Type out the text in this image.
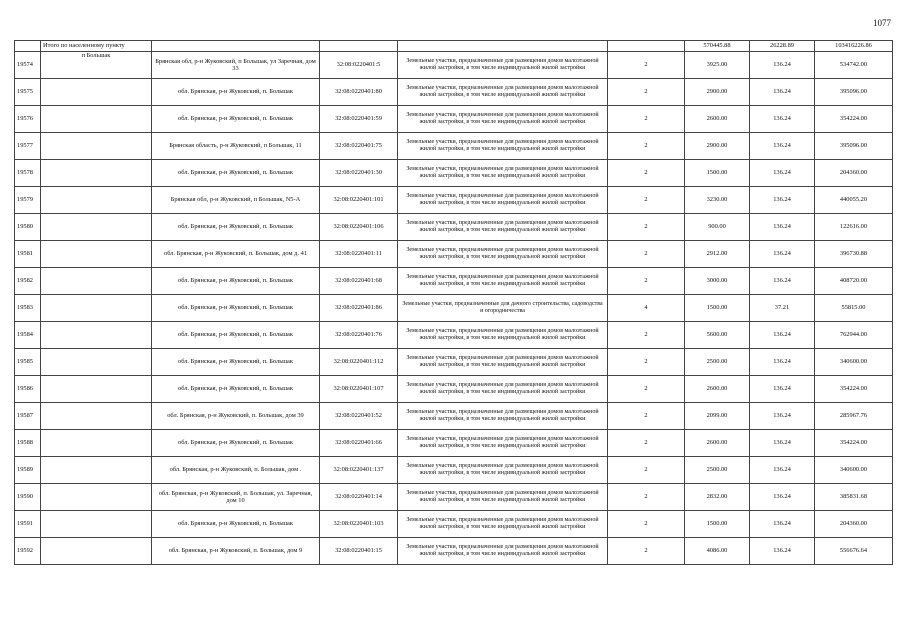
1077
	Итого по населенному пункту					570445.88	26228.89	103416226.86
19574	п Большак	Брянская обл, р-н Жуковский, п Большак, ул Заречная, дом 33	32:08:0220401:5	Земельные участки, предназначенные для размещения домов малоэтажной жилой застройки, в том числе индивидуальной жилой застройки	2	3925.00	136.24	534742.00
19575		обл. Брянская, р-н Жуковский, п. Большак	32:08:0220401:80	Земельные участки, предназначенные для размещения домов малоэтажной жилой застройки, в том числе индивидуальной жилой застройки	2	2900.00	136.24	395096.00
19576		обл. Брянская, р-н Жуковский, п. Большак	32:08:0220401:59	Земельные участки, предназначенные для размещения домов малоэтажной жилой застройки, в том числе индивидуальной жилой застройки	2	2600.00	136.24	354224.00
19577		Брянская область, р-н Жуковский, п Большак, 11	32:08:0220401:75	Земельные участки, предназначенные для размещения домов малоэтажной жилой застройки, в том числе индивидуальной жилой застройки	2	2900.00	136.24	395096.00
19578		обл. Брянская, р-н Жуковский, п. Большак	32:08:0220401:30	Земельные участки, предназначенные для размещения домов малоэтажной жилой застройки, в том числе индивидуальной жилой застройки	2	1500.00	136.24	204360.00
19579		Брянская обл, р-н Жуковский, п Большак, N5-А	32:08:0220401:101	Земельные участки, предназначенные для размещения домов малоэтажной жилой застройки, в том числе индивидуальной жилой застройки	2	3230.00	136.24	440055.20
19580		обл. Брянская, р-н Жуковский, п. Большак	32:08:0220401:106	Земельные участки, предназначенные для размещения домов малоэтажной жилой застройки, в том числе индивидуальной жилой застройки	2	900.00	136.24	122616.00
19581		обл. Брянская, р-н Жуковский, п. Большак, дом д. 41	32:08:0220401:11	Земельные участки, предназначенные для размещения домов малоэтажной жилой застройки, в том числе индивидуальной жилой застройки	2	2912.00	136.24	396730.88
19582		обл. Брянская, р-н Жуковский, п. Большак	32:08:0220401:68	Земельные участки, предназначенные для размещения домов малоэтажной жилой застройки, в том числе индивидуальной жилой застройки	2	3000.00	136.24	408720.00
19583		обл. Брянская, р-н Жуковский, п. Большак	32:08:0220401:86	Земельные участки, предназначенные для дачного строительства, садоводства и огородничества	4	1500.00	37.21	55815.00
19584		обл. Брянская, р-н Жуковский, п. Большак	32:08:0220401:76	Земельные участки, предназначенные для размещения домов малоэтажной жилой застройки, в том числе индивидуальной жилой застройки	2	5600.00	136.24	762944.00
19585		обл. Брянская, р-н Жуковский, п. Большак	32:08:0220401:112	Земельные участки, предназначенные для размещения домов малоэтажной жилой застройки, в том числе индивидуальной жилой застройки	2	2500.00	136.24	340600.00
19586		обл. Брянская, р-н Жуковский, п. Большак	32:08:0220401:107	Земельные участки, предназначенные для размещения домов малоэтажной жилой застройки, в том числе индивидуальной жилой застройки	2	2600.00	136.24	354224.00
19587		обл. Брянская, р-н Жуковский, п. Большак, дом 39	32:08:0220401:52	Земельные участки, предназначенные для размещения домов малоэтажной жилой застройки, в том числе индивидуальной жилой застройки	2	2099.00	136.24	285967.76
19588		обл. Брянская, р-н Жуковский, п. Большак	32:08:0220401:66	Земельные участки, предназначенные для размещения домов малоэтажной жилой застройки, в том числе индивидуальной жилой застройки	2	2600.00	136.24	354224.00
19589		обл. Брянская, р-н Жуковский, п. Большак, дом .	32:08:0220401:137	Земельные участки, предназначенные для размещения домов малоэтажной жилой застройки, в том числе индивидуальной жилой застройки	2	2500.00	136.24	340600.00
19590		обл. Брянская, р-н Жуковский, п. Большак, ул. Заречная, дом 10	32:08:0220401:14	Земельные участки, предназначенные для размещения домов малоэтажной жилой застройки, в том числе индивидуальной жилой застройки	2	2832.00	136.24	385831.68
19591		обл. Брянская, р-н Жуковский, п. Большак	32:08:0220401:103	Земельные участки, предназначенные для размещения домов малоэтажной жилой застройки, в том числе индивидуальной жилой застройки	2	1500.00	136.24	204360.00
19592		обл. Брянская, р-н Жуковский, п. Большак, дом 9	32:08:0220401:15	Земельные участки, предназначенные для размещения домов малоэтажной жилой застройки, в том числе индивидуальной жилой застройки	2	4086.00	136.24	556676.64
